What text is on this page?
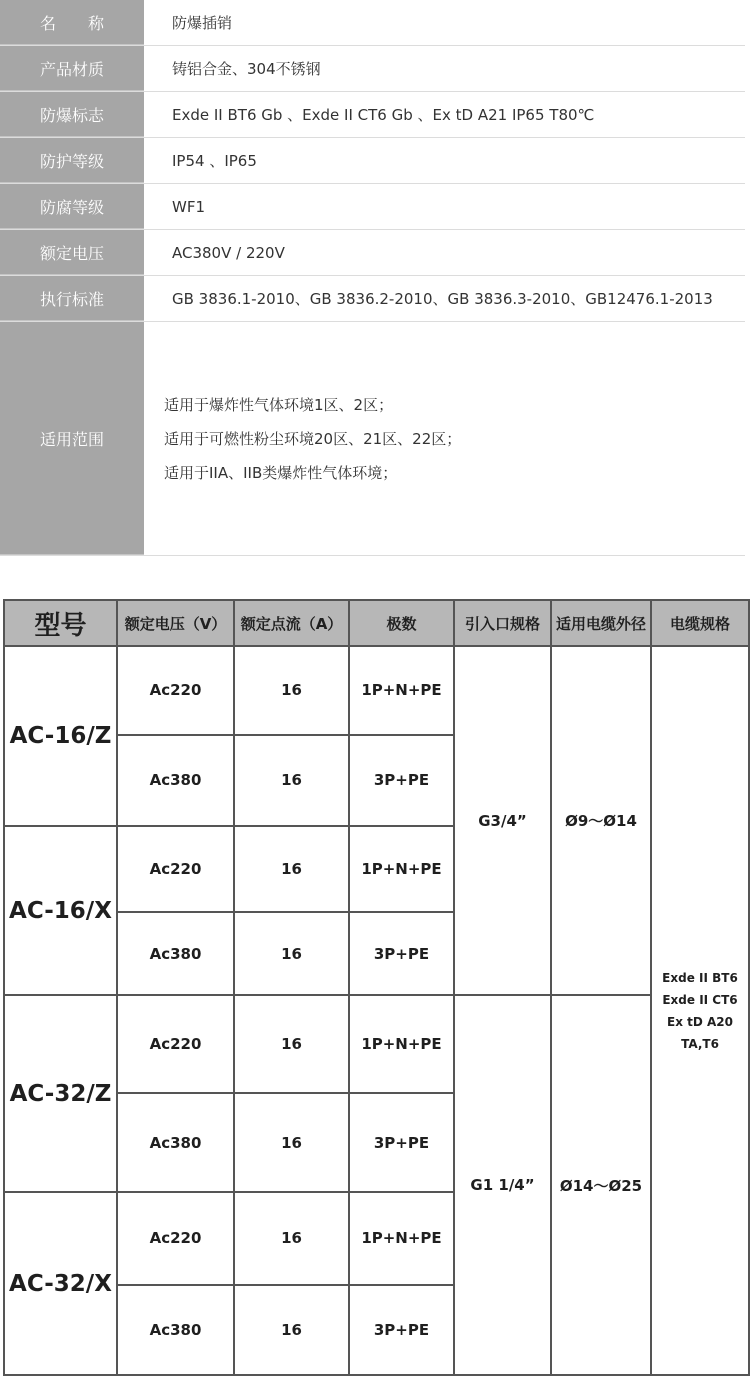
名　　称	防爆插销
产品材质	铸铝合金、304不锈钢
防爆标志	Exde II BT6 Gb 、Exde II CT6 Gb 、Ex tD A21 IP65 T80℃
防护等级	IP54 、IP65
防腐等级	WF1
额定电压	AC380V / 220V
执行标准	GB 3836.1-2010、GB 3836.2-2010、GB 3836.3-2010、GB12476.1-2013
适用范围
适用于爆炸性气体环境1区、2区；
适用于可燃性粉尘环境20区、21区、22区；
适用于IIA、IIB类爆炸性气体环境；
型号	额定电压（V）	额定点流（A）	极数	引入口规格	适用电缆外径	电缆规格
AC-16/Z	Ac220	16	1P+N+PE	G3/4”	Ø9～Ø14	Exde II BT6
Exde II CT6
Ex tD A20 TA,T6

	Ac380	16	3P+PE			
AC-16/X	Ac220	16	1P+N+PE			
	Ac380	16	3P+PE			
AC-32/Z	Ac220	16	1P+N+PE	G1 1/4”	Ø14～Ø25	
	Ac380	16	3P+PE			
AC-32/X	Ac220	16	1P+N+PE			
	Ac380	16	3P+PE			
